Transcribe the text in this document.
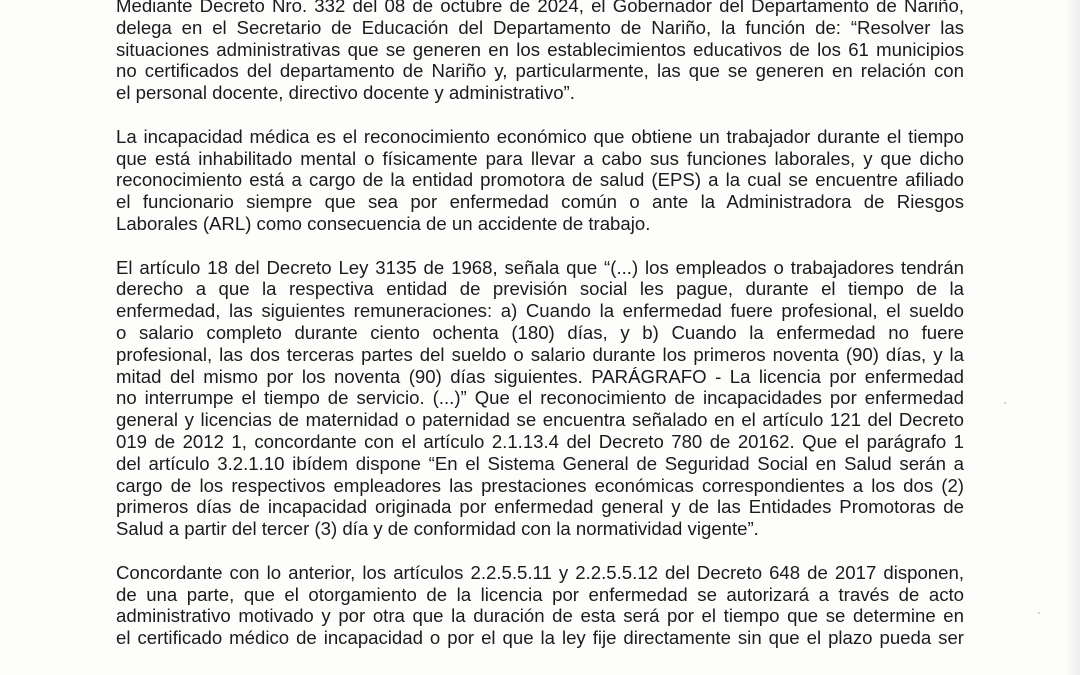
Mediante Decreto Nro. 332 del 08 de octubre de 2024, el Gobernador del Departamento de Nariño,
delega en el Secretario de Educación del Departamento de Nariño, la función de: “Resolver las
situaciones administrativas que se generen en los establecimientos educativos de los 61 municipios
no certificados del departamento de Nariño y, particularmente, las que se generen en relación con
el personal docente, directivo docente y administrativo”.
La incapacidad médica es el reconocimiento económico que obtiene un trabajador durante el tiempo
que está inhabilitado mental o físicamente para llevar a cabo sus funciones laborales, y que dicho
reconocimiento está a cargo de la entidad promotora de salud (EPS) a la cual se encuentre afiliado
el funcionario siempre que sea por enfermedad común o ante la Administradora de Riesgos
Laborales (ARL) como consecuencia de un accidente de trabajo.
El artículo 18 del Decreto Ley 3135 de 1968, señala que “(...) los empleados o trabajadores tendrán
derecho a que la respectiva entidad de previsión social les pague, durante el tiempo de la
enfermedad, las siguientes remuneraciones: a) Cuando la enfermedad fuere profesional, el sueldo
o salario completo durante ciento ochenta (180) días, y b) Cuando la enfermedad no fuere
profesional, las dos terceras partes del sueldo o salario durante los primeros noventa (90) días, y la
mitad del mismo por los noventa (90) días siguientes. PARÁGRAFO - La licencia por enfermedad
no interrumpe el tiempo de servicio. (...)” Que el reconocimiento de incapacidades por enfermedad
general y licencias de maternidad o paternidad se encuentra señalado en el artículo 121 del Decreto
019 de 2012 1, concordante con el artículo 2.1.13.4 del Decreto 780 de 20162. Que el parágrafo 1
del artículo 3.2.1.10 ibídem dispone “En el Sistema General de Seguridad Social en Salud serán a
cargo de los respectivos empleadores las prestaciones económicas correspondientes a los dos (2)
primeros días de incapacidad originada por enfermedad general y de las Entidades Promotoras de
Salud a partir del tercer (3) día y de conformidad con la normatividad vigente”.
Concordante con lo anterior, los artículos 2.2.5.5.11 y 2.2.5.5.12 del Decreto 648 de 2017 disponen,
de una parte, que el otorgamiento de la licencia por enfermedad se autorizará a través de acto
administrativo motivado y por otra que la duración de esta será por el tiempo que se determine en
el certificado médico de incapacidad o por el que la ley fije directamente sin que el plazo pueda ser
